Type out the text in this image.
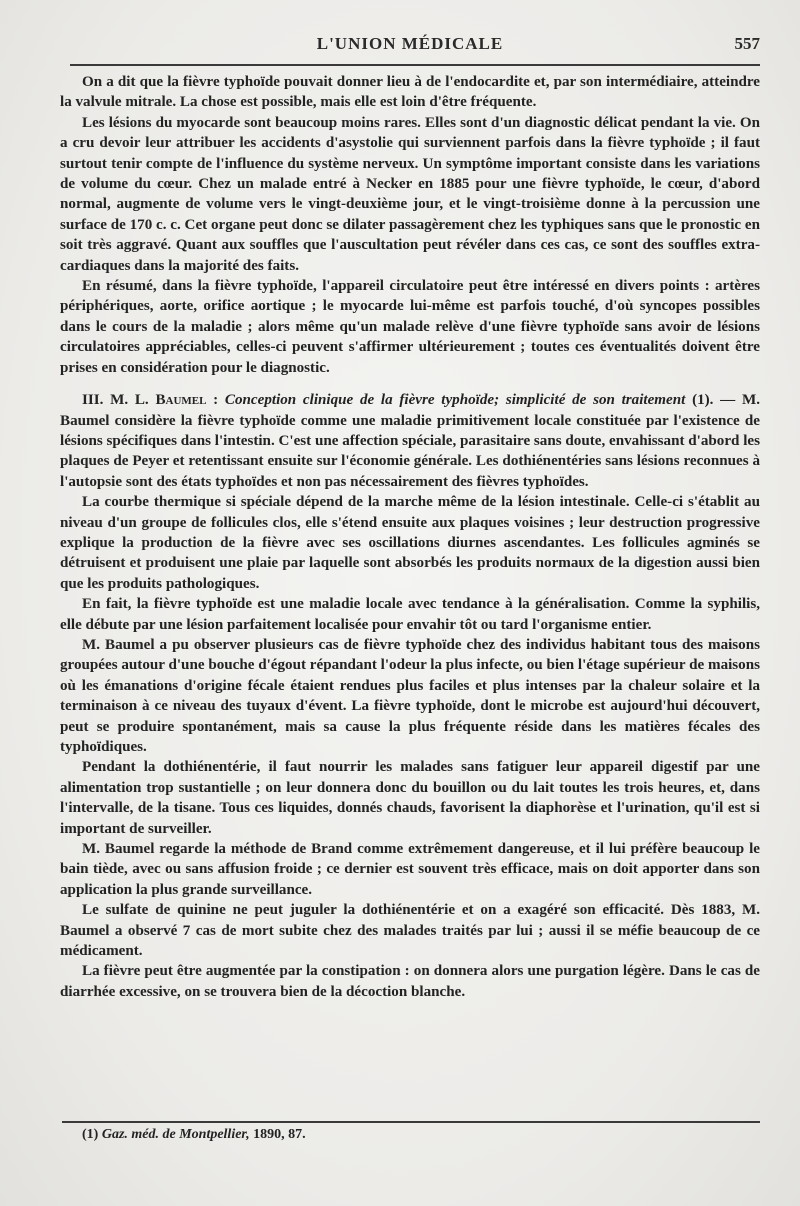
L'UNION MÉDICALE	557

On a dit que la fièvre typhoïde pouvait donner lieu à de l'endocardite et, par son intermédiaire, atteindre la valvule mitrale. La chose est possible, mais elle est loin d'être fréquente.

Les lésions du myocarde sont beaucoup moins rares. Elles sont d'un diagnostic délicat pendant la vie. On a cru devoir leur attribuer les accidents d'asystolie qui surviennent parfois dans la fièvre typhoïde ; il faut surtout tenir compte de l'influence du système nerveux. Un symptôme important consiste dans les variations de volume du cœur. Chez un malade entré à Necker en 1885 pour une fièvre typhoïde, le cœur, d'abord normal, augmente de volume vers le vingt-deuxième jour, et le vingt-troisième donne à la percussion une surface de 170 c. c. Cet organe peut donc se dilater passagèrement chez les typhiques sans que le pronostic en soit très aggravé. Quant aux souffles que l'auscultation peut révéler dans ces cas, ce sont des souffles extra-cardiaques dans la majorité des faits.

En résumé, dans la fièvre typhoïde, l'appareil circulatoire peut être intéressé en divers points : artères périphériques, aorte, orifice aortique ; le myocarde lui-même est parfois touché, d'où syncopes possibles dans le cours de la maladie ; alors même qu'un malade relève d'une fièvre typhoïde sans avoir de lésions circulatoires appréciables, celles-ci peuvent s'affirmer ultérieurement ; toutes ces éventualités doivent être prises en considération pour le diagnostic.

III. M. L. Baumel : Conception clinique de la fièvre typhoïde; simplicité de son traitement (1). — M. Baumel considère la fièvre typhoïde comme une maladie primitivement locale constituée par l'existence de lésions spécifiques dans l'intestin. C'est une affection spéciale, parasitaire sans doute, envahissant d'abord les plaques de Peyer et retentissant ensuite sur l'économie générale. Les dothiénentéries sans lésions reconnues à l'autopsie sont des états typhoïdes et non pas nécessairement des fièvres typhoïdes.

La courbe thermique si spéciale dépend de la marche même de la lésion intestinale. Celle-ci s'établit au niveau d'un groupe de follicules clos, elle s'étend ensuite aux plaques voisines ; leur destruction progressive explique la production de la fièvre avec ses oscillations diurnes ascendantes. Les follicules agminés se détruisent et produisent une plaie par laquelle sont absorbés les produits normaux de la digestion aussi bien que les produits pathologiques.

En fait, la fièvre typhoïde est une maladie locale avec tendance à la généralisation. Comme la syphilis, elle débute par une lésion parfaitement localisée pour envahir tôt ou tard l'organisme entier.

M. Baumel a pu observer plusieurs cas de fièvre typhoïde chez des individus habitant tous des maisons groupées autour d'une bouche d'égout répandant l'odeur la plus infecte, ou bien l'étage supérieur de maisons où les émanations d'origine fécale étaient rendues plus faciles et plus intenses par la chaleur solaire et la terminaison à ce niveau des tuyaux d'évent. La fièvre typhoïde, dont le microbe est aujourd'hui découvert, peut se produire spontanément, mais sa cause la plus fréquente réside dans les matières fécales des typhoïdiques.

Pendant la dothiénentérie, il faut nourrir les malades sans fatiguer leur appareil digestif par une alimentation trop sustantielle ; on leur donnera donc du bouillon ou du lait toutes les trois heures, et, dans l'intervalle, de la tisane. Tous ces liquides, donnés chauds, favorisent la diaphorèse et l'urination, qu'il est si important de surveiller.

M. Baumel regarde la méthode de Brand comme extrêmement dangereuse, et il lui préfère beaucoup le bain tiède, avec ou sans affusion froide ; ce dernier est souvent très efficace, mais on doit apporter dans son application la plus grande surveillance.

Le sulfate de quinine ne peut juguler la dothiénentérie et on a exagéré son efficacité. Dès 1883, M. Baumel a observé 7 cas de mort subite chez des malades traités par lui ; aussi il se méfie beaucoup de ce médicament.

La fièvre peut être augmentée par la constipation : on donnera alors une purgation légère. Dans le cas de diarrhée excessive, on se trouvera bien de la décoction blanche.

(1) Gaz. méd. de Montpellier, 1890, 87.
